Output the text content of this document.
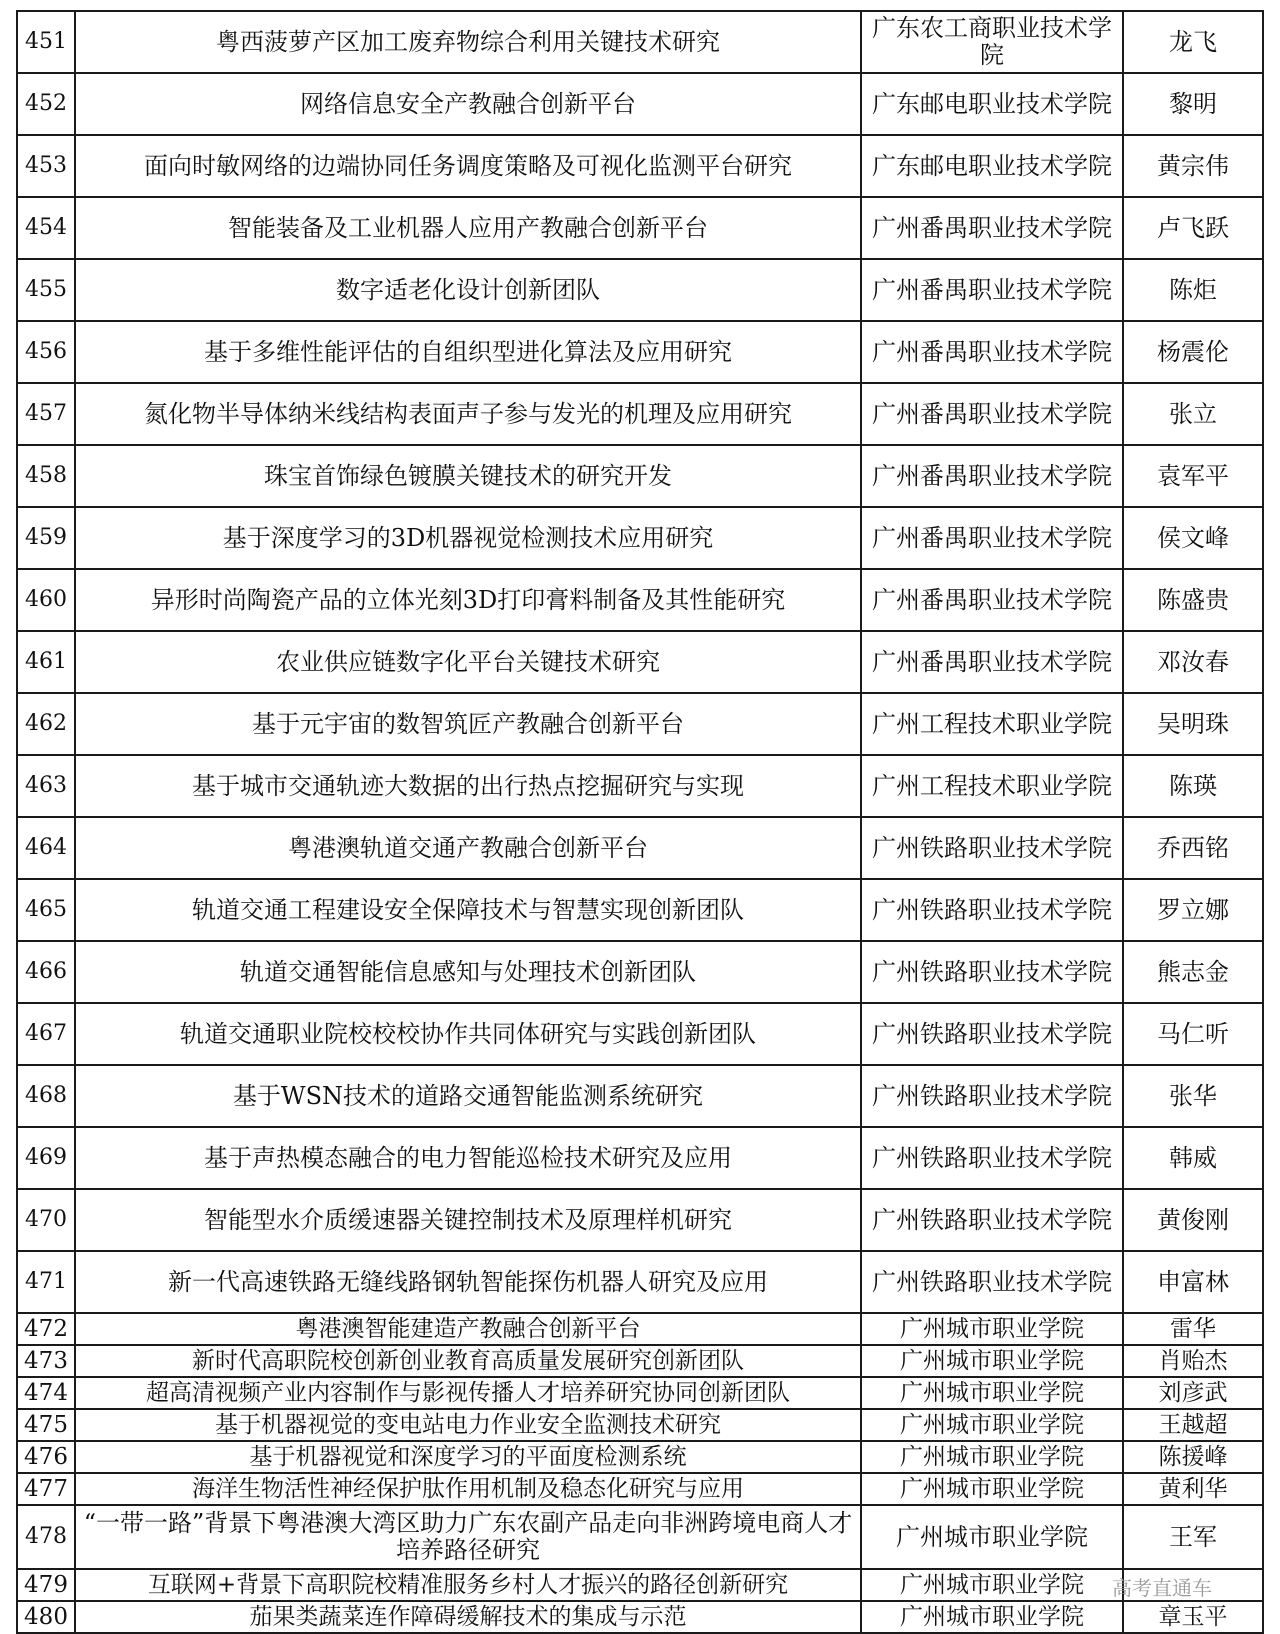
451	粤西菠萝产区加工废弃物综合利用关键技术研究	广东农工商职业技术学院	龙飞
452	网络信息安全产教融合创新平台	广东邮电职业技术学院	黎明
453	面向时敏网络的边端协同任务调度策略及可视化监测平台研究	广东邮电职业技术学院	黄宗伟
454	智能装备及工业机器人应用产教融合创新平台	广州番禺职业技术学院	卢飞跃
455	数字适老化设计创新团队	广州番禺职业技术学院	陈炬
456	基于多维性能评估的自组织型进化算法及应用研究	广州番禺职业技术学院	杨震伦
457	氮化物半导体纳米线结构表面声子参与发光的机理及应用研究	广州番禺职业技术学院	张立
458	珠宝首饰绿色镀膜关键技术的研究开发	广州番禺职业技术学院	袁军平
459	基于深度学习的3D机器视觉检测技术应用研究	广州番禺职业技术学院	侯文峰
460	异形时尚陶瓷产品的立体光刻3D打印膏料制备及其性能研究	广州番禺职业技术学院	陈盛贵
461	农业供应链数字化平台关键技术研究	广州番禺职业技术学院	邓汝春
462	基于元宇宙的数智筑匠产教融合创新平台	广州工程技术职业学院	吴明珠
463	基于城市交通轨迹大数据的出行热点挖掘研究与实现	广州工程技术职业学院	陈瑛
464	粤港澳轨道交通产教融合创新平台	广州铁路职业技术学院	乔西铭
465	轨道交通工程建设安全保障技术与智慧实现创新团队	广州铁路职业技术学院	罗立娜
466	轨道交通智能信息感知与处理技术创新团队	广州铁路职业技术学院	熊志金
467	轨道交通职业院校校校协作共同体研究与实践创新团队	广州铁路职业技术学院	马仁听
468	基于WSN技术的道路交通智能监测系统研究	广州铁路职业技术学院	张华
469	基于声热模态融合的电力智能巡检技术研究及应用	广州铁路职业技术学院	韩威
470	智能型水介质缓速器关键控制技术及原理样机研究	广州铁路职业技术学院	黄俊刚
471	新一代高速铁路无缝线路钢轨智能探伤机器人研究及应用	广州铁路职业技术学院	申富林
472	粤港澳智能建造产教融合创新平台	广州城市职业学院	雷华
473	新时代高职院校创新创业教育高质量发展研究创新团队	广州城市职业学院	肖贻杰
474	超高清视频产业内容制作与影视传播人才培养研究协同创新团队	广州城市职业学院	刘彦武
475	基于机器视觉的变电站电力作业安全监测技术研究	广州城市职业学院	王越超
476	基于机器视觉和深度学习的平面度检测系统	广州城市职业学院	陈援峰
477	海洋生物活性神经保护肽作用机制及稳态化研究与应用	广州城市职业学院	黄利华
478	“一带一路”背景下粤港澳大湾区助力广东农副产品走向非洲跨境电商人才培养路径研究	广州城市职业学院	王军
479	互联网+背景下高职院校精准服务乡村人才振兴的路径创新研究	广州城市职业学院	
480	茄果类蔬菜连作障碍缓解技术的集成与示范	广州城市职业学院	章玉平
高考直通车
